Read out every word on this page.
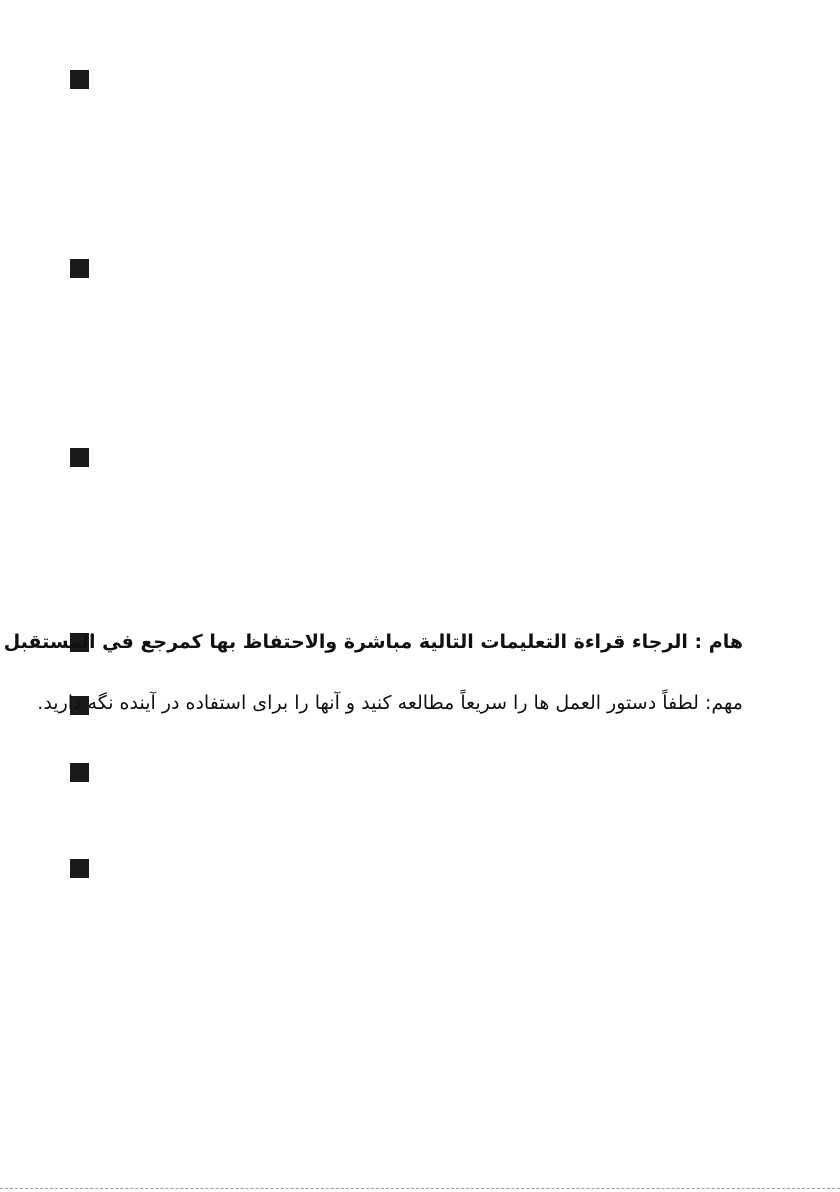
هام : الرجاء قراءة التعليمات التالية مباشرة والاحتفاظ بها كمرجع في المستقبل
مهم: لطفاً دستور العمل ها را سریعاً مطالعه کنید و آنها را برای استفاده در آینده نگه دارید.
